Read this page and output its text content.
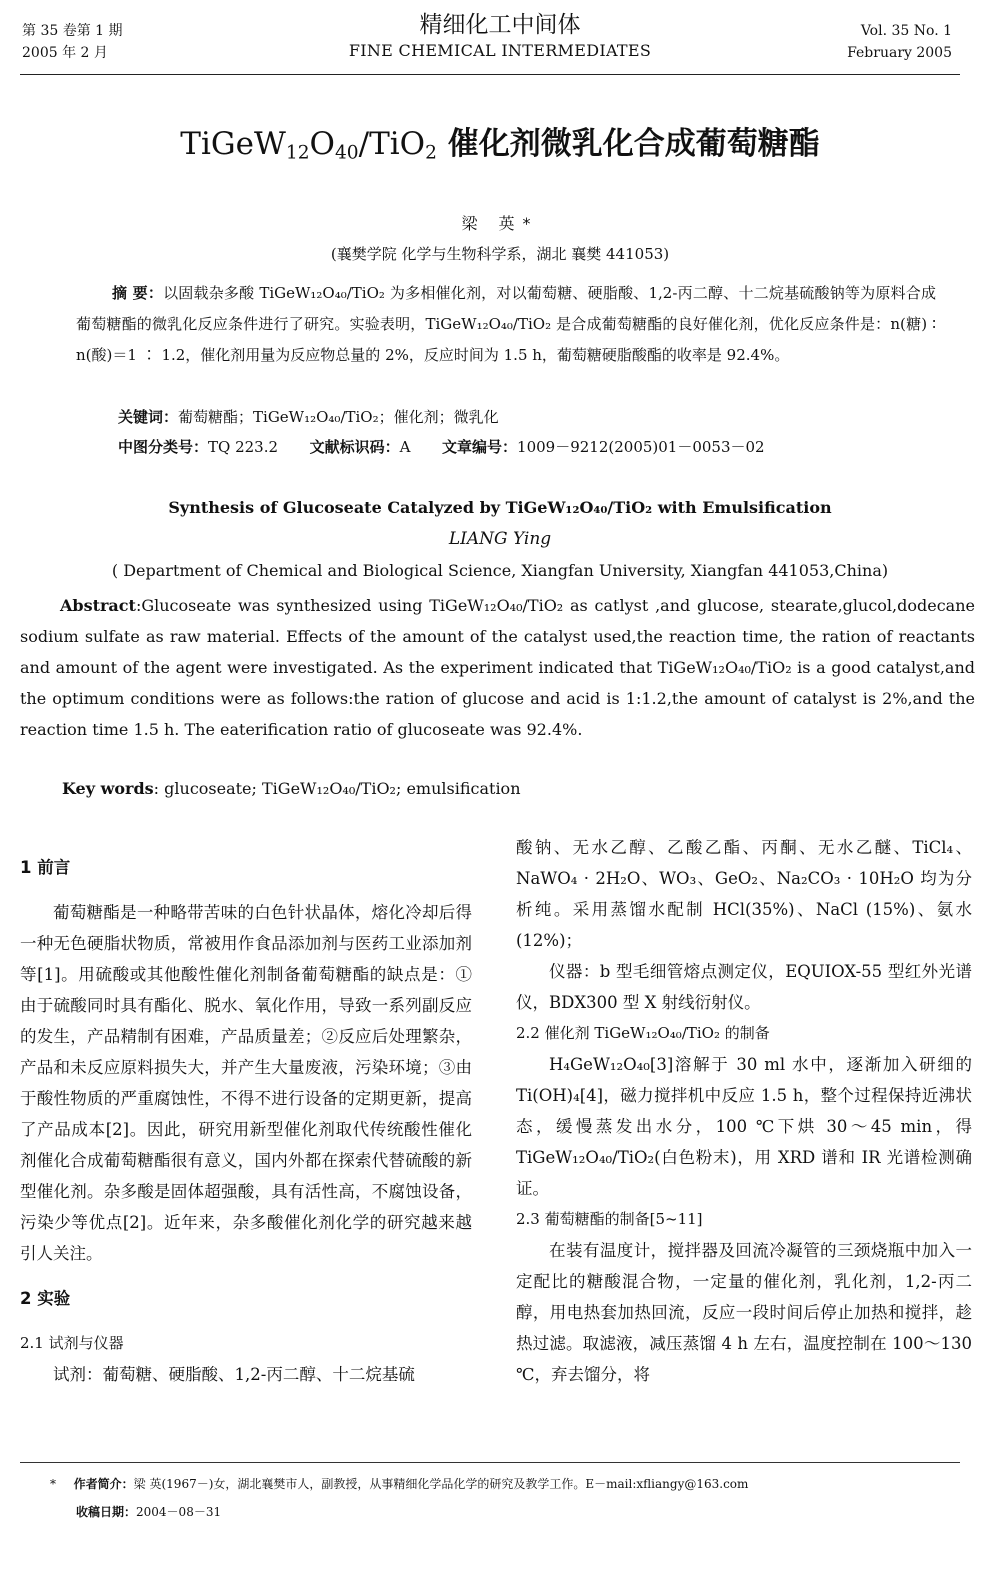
第 35 卷第 1 期
2005 年 2 月
精细化工中间体
FINE CHEMICAL INTERMEDIATES
Vol. 35 No. 1
February 2005
$TiGeW_{12}O_{40}/TiO_2$ 催化剂微乳化合成葡萄糖酯
梁 英*
(襄樊学院 化学与生物科学系，湖北 襄樊 441053)
摘 要：以固载杂多酸 TiGeW₁₂O₄₀/TiO₂ 为多相催化剂，对以葡萄糖、硬脂酸、1,2-丙二醇、十二烷基硫酸钠等为原料合成葡萄糖酯的微乳化反应条件进行了研究。实验表明，TiGeW₁₂O₄₀/TiO₂ 是合成葡萄糖酯的良好催化剂，优化反应条件是：n(糖) ∶ n(酸)＝1 ∶ 1.2，催化剂用量为反应物总量的 2%，反应时间为 1.5 h，葡萄糖硬脂酸酯的收率是 92.4%。
关键词：葡萄糖酯；TiGeW₁₂O₄₀/TiO₂；催化剂；微乳化
中图分类号：TQ 223.2 文献标识码：A 文章编号：1009－9212(2005)01－0053－02
Synthesis of Glucoseate Catalyzed by TiGeW₁₂O₄₀/TiO₂ with Emulsification
LIANG Ying
( Department of Chemical and Biological Science, Xiangfan University, Xiangfan 441053,China)
Abstract:Glucoseate was synthesized using TiGeW₁₂O₄₀/TiO₂ as catlyst ,and glucose, stearate,glucol,dodecane sodium sulfate as raw material. Effects of the amount of the catalyst used,the reaction time, the ration of reactants and amount of the agent were investigated. As the experiment indicated that TiGeW₁₂O₄₀/TiO₂ is a good catalyst,and the optimum conditions were as follows:the ration of glucose and acid is 1:1.2,the amount of catalyst is 2%,and the reaction time 1.5 h. The eaterification ratio of glucoseate was 92.4%.
Key words: glucoseate; TiGeW₁₂O₄₀/TiO₂; emulsification
1 前言

葡萄糖酯是一种略带苦味的白色针状晶体，熔化冷却后得一种无色硬脂状物质，常被用作食品添加剂与医药工业添加剂等[1]。用硫酸或其他酸性催化剂制备葡萄糖酯的缺点是：①由于硫酸同时具有酯化、脱水、氧化作用，导致一系列副反应的发生，产品精制有困难，产品质量差；②反应后处理繁杂，产品和未反应原料损失大，并产生大量废液，污染环境；③由于酸性物质的严重腐蚀性，不得不进行设备的定期更新，提高了产品成本[2]。因此，研究用新型催化剂取代传统酸性催化剂催化合成葡萄糖酯很有意义，国内外都在探索代替硫酸的新型催化剂。杂多酸是固体超强酸，具有活性高，不腐蚀设备，污染少等优点[2]。近年来，杂多酸催化剂化学的研究越来越引人关注。

2 实验

2.1 试剂与仪器

试剂：葡萄糖、硬脂酸、1,2-丙二醇、十二烷基硫

酸钠、无水乙醇、乙酸乙酯、丙酮、无水乙醚、TiCl₄、NaWO₄ · 2H₂O、WO₃、GeO₂、Na₂CO₃ · 10H₂O 均为分析纯。采用蒸馏水配制 HCl(35%)、NaCl (15%)、氨水(12%)；

仪器：b 型毛细管熔点测定仪，EQUIOX-55 型红外光谱仪，BDX300 型 X 射线衍射仪。

2.2 催化剂 TiGeW₁₂O₄₀/TiO₂ 的制备

H₄GeW₁₂O₄₀[3]溶解于 30 ml 水中，逐渐加入研细的 Ti(OH)₄[4]，磁力搅拌机中反应 1.5 h，整个过程保持近沸状态，缓慢蒸发出水分，100 ℃下烘 30～45 min，得 TiGeW₁₂O₄₀/TiO₂(白色粉末)，用 XRD 谱和 IR 光谱检测确证。

2.3 葡萄糖酯的制备[5~11]

在装有温度计，搅拌器及回流冷凝管的三颈烧瓶中加入一定配比的糖酸混合物，一定量的催化剂，乳化剂，1,2-丙二醇，用电热套加热回流，反应一段时间后停止加热和搅拌，趁热过滤。取滤液，减压蒸馏 4 h 左右，温度控制在 100～130 ℃，弃去馏分，将

* 作者简介：梁 英(1967－)女，湖北襄樊市人，副教授，从事精细化学品化学的研究及教学工作。E－mail:xfliangy@163.com
收稿日期：2004－08－31
